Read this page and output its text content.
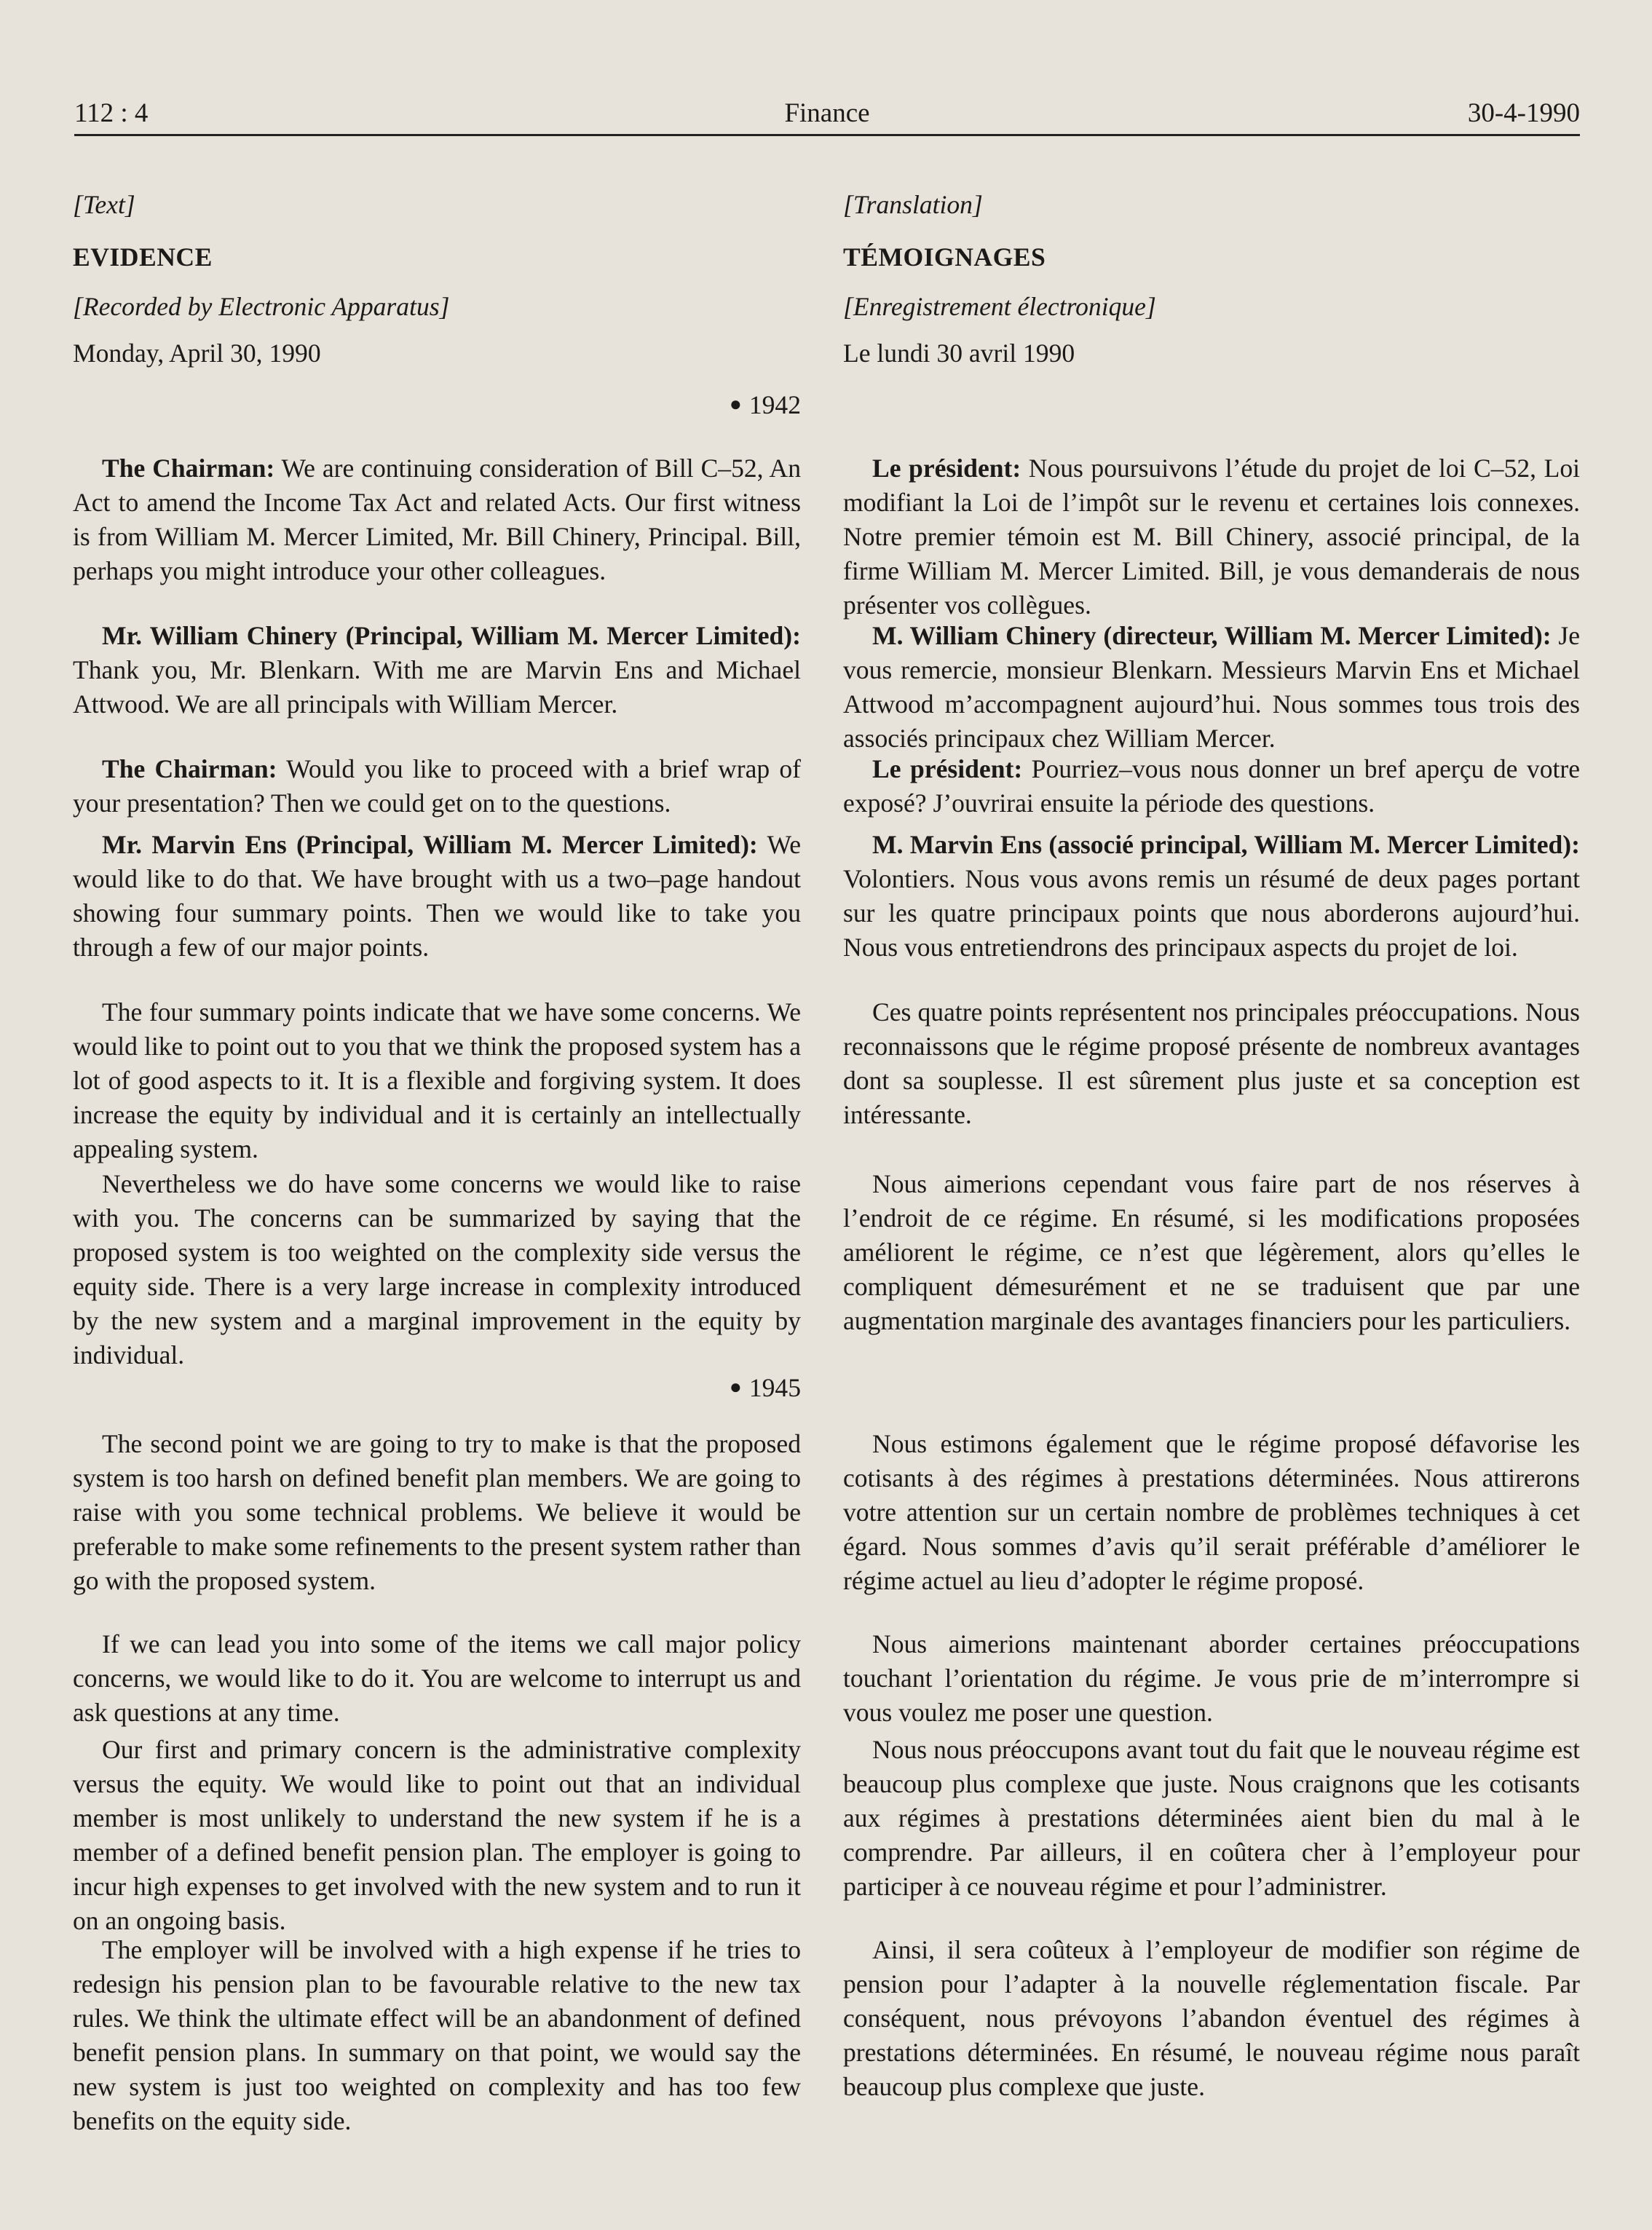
112 : 4	Finance	30-4-1990
[Text]
EVIDENCE
[Recorded by Electronic Apparatus]
Monday, April 30, 1990
● 1942

The Chairman: We are continuing consideration of Bill C–52, An Act to amend the Income Tax Act and related Acts. Our first witness is from William M. Mercer Limited, Mr. Bill Chinery, Principal. Bill, perhaps you might introduce your other colleagues.

Mr. William Chinery (Principal, William M. Mercer Limited): Thank you, Mr. Blenkarn. With me are Marvin Ens and Michael Attwood. We are all principals with William Mercer.

The Chairman: Would you like to proceed with a brief wrap of your presentation? Then we could get on to the questions.

Mr. Marvin Ens (Principal, William M. Mercer Limited): We would like to do that. We have brought with us a two–page handout showing four summary points. Then we would like to take you through a few of our major points.

The four summary points indicate that we have some concerns. We would like to point out to you that we think the proposed system has a lot of good aspects to it. It is a flexible and forgiving system. It does increase the equity by individual and it is certainly an intellectually appealing system.

Nevertheless we do have some concerns we would like to raise with you. The concerns can be summarized by saying that the proposed system is too weighted on the complexity side versus the equity side. There is a very large increase in complexity introduced by the new system and a marginal improvement in the equity by individual.

● 1945

The second point we are going to try to make is that the proposed system is too harsh on defined benefit plan members. We are going to raise with you some technical problems. We believe it would be preferable to make some refinements to the present system rather than go with the proposed system.

If we can lead you into some of the items we call major policy concerns, we would like to do it. You are welcome to interrupt us and ask questions at any time.

Our first and primary concern is the administrative complexity versus the equity. We would like to point out that an individual member is most unlikely to understand the new system if he is a member of a defined benefit pension plan. The employer is going to incur high expenses to get involved with the new system and to run it on an ongoing basis.

The employer will be involved with a high expense if he tries to redesign his pension plan to be favourable relative to the new tax rules. We think the ultimate effect will be an abandonment of defined benefit pension plans. In summary on that point, we would say the new system is just too weighted on complexity and has too few benefits on the equity side.

[Translation]
TÉMOIGNAGES
[Enregistrement électronique]
Le lundi 30 avril 1990

Le président: Nous poursuivons l’étude du projet de loi C–52, Loi modifiant la Loi de l’impôt sur le revenu et certaines lois connexes. Notre premier témoin est M. Bill Chinery, associé principal, de la firme William M. Mercer Limited. Bill, je vous demanderais de nous présenter vos collègues.

M. William Chinery (directeur, William M. Mercer Limited): Je vous remercie, monsieur Blenkarn. Messieurs Marvin Ens et Michael Attwood m’accompagnent aujourd’hui. Nous sommes tous trois des associés principaux chez William Mercer.

Le président: Pourriez–vous nous donner un bref aperçu de votre exposé? J’ouvrirai ensuite la période des questions.

M. Marvin Ens (associé principal, William M. Mercer Limited): Volontiers. Nous vous avons remis un résumé de deux pages portant sur les quatre principaux points que nous aborderons aujourd’hui. Nous vous entretiendrons des principaux aspects du projet de loi.

Ces quatre points représentent nos principales préoccupations. Nous reconnaissons que le régime proposé présente de nombreux avantages dont sa souplesse. Il est sûrement plus juste et sa conception est intéressante.

Nous aimerions cependant vous faire part de nos réserves à l’endroit de ce régime. En résumé, si les modifications proposées améliorent le régime, ce n’est que légèrement, alors qu’elles le compliquent démesurément et ne se traduisent que par une augmentation marginale des avantages financiers pour les particuliers.

Nous estimons également que le régime proposé défavorise les cotisants à des régimes à prestations déterminées. Nous attirerons votre attention sur un certain nombre de problèmes techniques à cet égard. Nous sommes d’avis qu’il serait préférable d’améliorer le régime actuel au lieu d’adopter le régime proposé.

Nous aimerions maintenant aborder certaines préoccupations touchant l’orientation du régime. Je vous prie de m’interrompre si vous voulez me poser une question.

Nous nous préoccupons avant tout du fait que le nouveau régime est beaucoup plus complexe que juste. Nous craignons que les cotisants aux régimes à prestations déterminées aient bien du mal à le comprendre. Par ailleurs, il en coûtera cher à l’employeur pour participer à ce nouveau régime et pour l’administrer.

Ainsi, il sera coûteux à l’employeur de modifier son régime de pension pour l’adapter à la nouvelle réglementation fiscale. Par conséquent, nous prévoyons l’abandon éventuel des régimes à prestations déterminées. En résumé, le nouveau régime nous paraît beaucoup plus complexe que juste.
